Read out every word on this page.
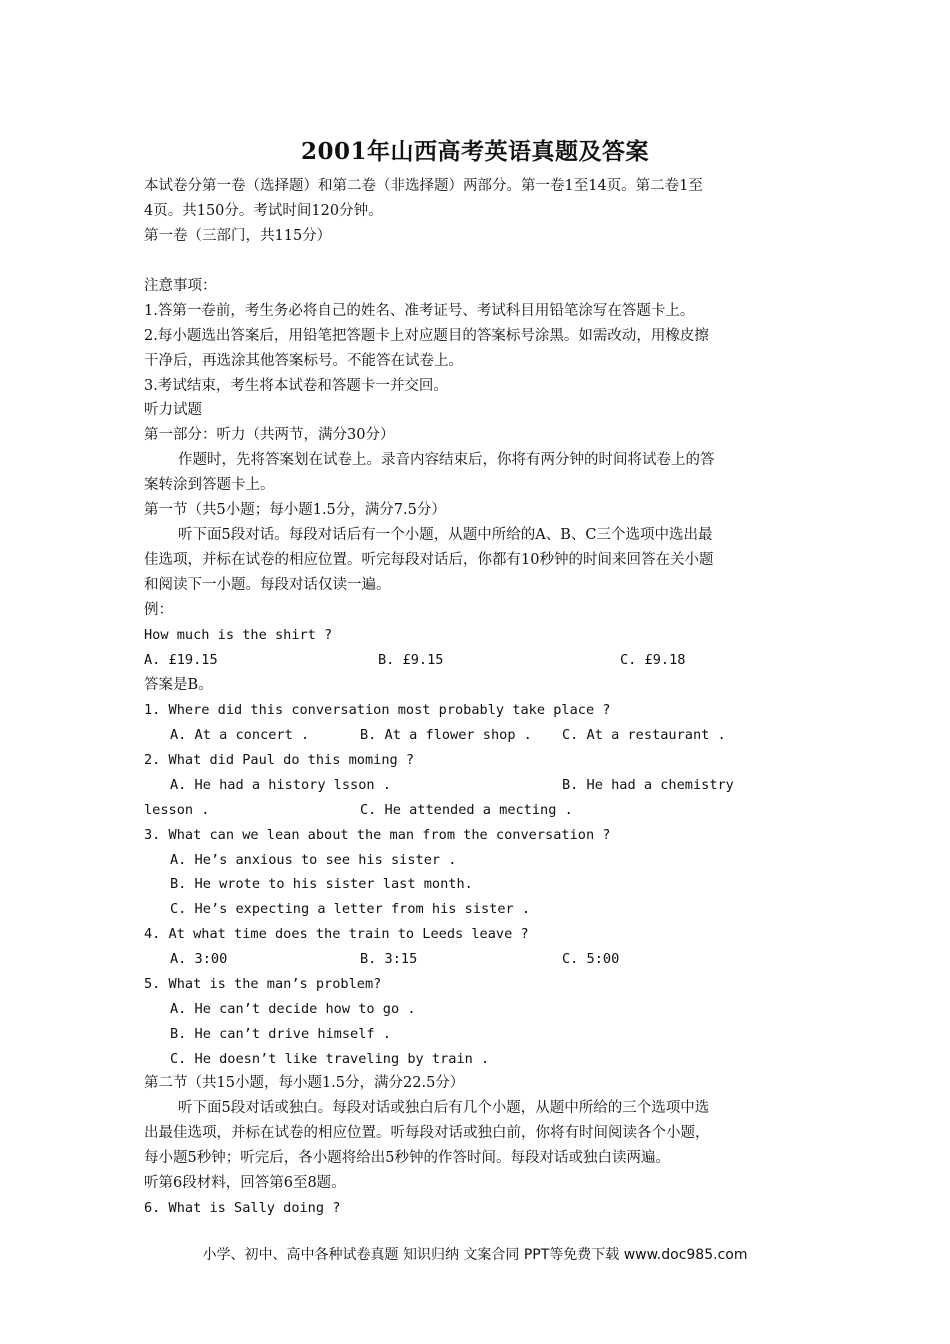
2001年山西高考英语真题及答案
本试卷分第一卷（选择题）和第二卷（非选择题）两部分。第一卷1至14页。第二卷1至
4页。共150分。考试时间120分钟。
第一卷（三部门，共115分）
注意事项：
1.答第一卷前，考生务必将自己的姓名、准考证号、考试科目用铅笔涂写在答题卡上。
2.每小题选出答案后，用铅笔把答题卡上对应题目的答案标号涂黑。如需改动，用橡皮擦
干净后，再选涂其他答案标号。不能答在试卷上。
3.考试结束，考生将本试卷和答题卡一并交回。
听力试题
第一部分：听力（共两节，满分30分）
作题时，先将答案划在试卷上。录音内容结束后，你将有两分钟的时间将试卷上的答
案转涂到答题卡上。
第一节（共5小题；每小题1.5分，满分7.5分）
听下面5段对话。每段对话后有一个小题，从题中所给的A、B、C三个选项中选出最
佳选项，并标在试卷的相应位置。听完每段对话后，你都有10秒钟的时间来回答在关小题
和阅读下一小题。每段对话仅读一遍。
例：
How much is the shirt ?
A. £19.15	B. £9.15	C. £9.18
答案是B。
1. Where did this conversation most probably take place ?
A. At a concert .	B. At a flower shop . C. At a restaurant .
2. What did Paul do this moming ?
A. He had a history lsson .	B. He had a chemistry
lesson .	C. He attended a mecting .
3. What can we lean about the man from the conversation ?
A. He’s anxious to see his sister .
B. He wrote to his sister last month.
C. He’s expecting a letter from his sister .
4. At what time does the train to Leeds leave ?
A. 3:00	B. 3:15	C. 5:00
5. What is the man’s problem?
A. He can’t decide how to go .
B. He can’t drive himself .
C. He doesn’t like traveling by train .
第二节（共15小题，每小题1.5分，满分22.5分）
听下面5段对话或独白。每段对话或独白后有几个小题，从题中所给的三个选项中选
出最佳选项，并标在试卷的相应位置。听每段对话或独白前，你将有时间阅读各个小题，
每小题5秒钟；听完后，各小题将给出5秒钟的作答时间。每段对话或独白读两遍。
听第6段材料，回答第6至8题。
6. What is Sally doing ?
小学、初中、高中各种试卷真题 知识归纳 文案合同 PPT等免费下载 www.doc985.com
